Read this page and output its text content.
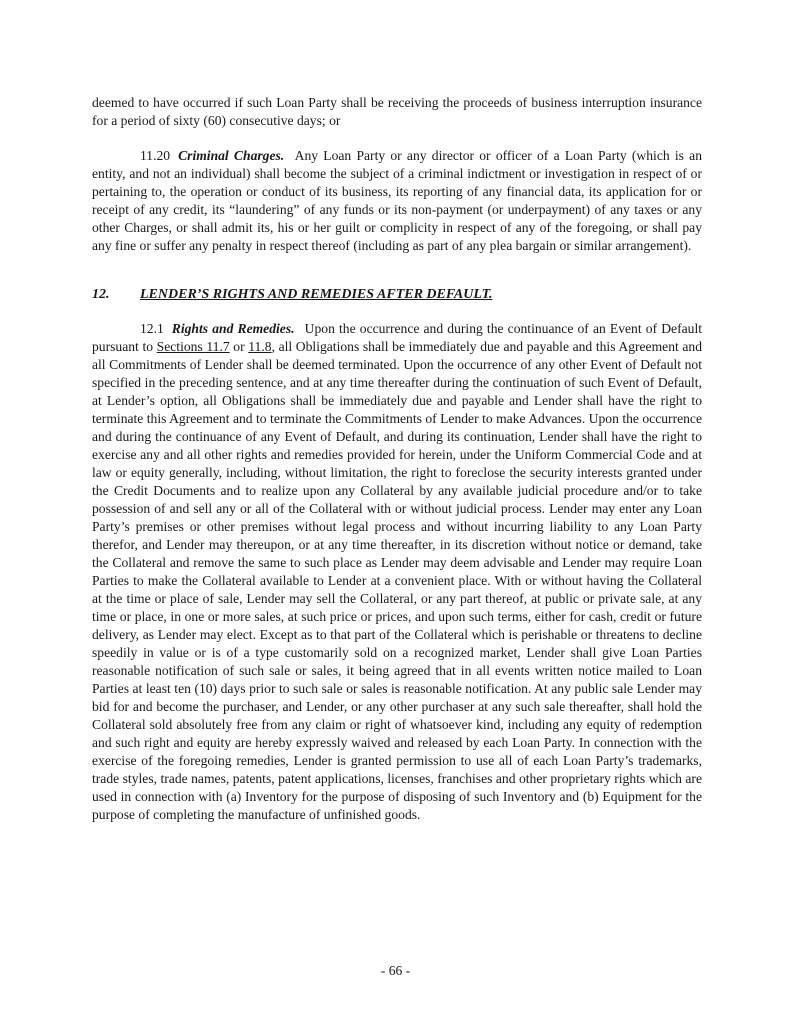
deemed to have occurred if such Loan Party shall be receiving the proceeds of business interruption insurance for a period of sixty (60) consecutive days; or

11.20 Criminal Charges. Any Loan Party or any director or officer of a Loan Party (which is an entity, and not an individual) shall become the subject of a criminal indictment or investigation in respect of or pertaining to, the operation or conduct of its business, its reporting of any financial data, its application for or receipt of any credit, its “laundering” of any funds or its non-payment (or underpayment) of any taxes or any other Charges, or shall admit its, his or her guilt or complicity in respect of any of the foregoing, or shall pay any fine or suffer any penalty in respect thereof (including as part of any plea bargain or similar arrangement).

12. LENDER’S RIGHTS AND REMEDIES AFTER DEFAULT.

12.1 Rights and Remedies. Upon the occurrence and during the continuance of an Event of Default pursuant to Sections 11.7 or 11.8, all Obligations shall be immediately due and payable and this Agreement and all Commitments of Lender shall be deemed terminated. Upon the occurrence of any other Event of Default not specified in the preceding sentence, and at any time thereafter during the continuation of such Event of Default, at Lender’s option, all Obligations shall be immediately due and payable and Lender shall have the right to terminate this Agreement and to terminate the Commitments of Lender to make Advances. Upon the occurrence and during the continuance of any Event of Default, and during its continuation, Lender shall have the right to exercise any and all other rights and remedies provided for herein, under the Uniform Commercial Code and at law or equity generally, including, without limitation, the right to foreclose the security interests granted under the Credit Documents and to realize upon any Collateral by any available judicial procedure and/or to take possession of and sell any or all of the Collateral with or without judicial process. Lender may enter any Loan Party’s premises or other premises without legal process and without incurring liability to any Loan Party therefor, and Lender may thereupon, or at any time thereafter, in its discretion without notice or demand, take the Collateral and remove the same to such place as Lender may deem advisable and Lender may require Loan Parties to make the Collateral available to Lender at a convenient place. With or without having the Collateral at the time or place of sale, Lender may sell the Collateral, or any part thereof, at public or private sale, at any time or place, in one or more sales, at such price or prices, and upon such terms, either for cash, credit or future delivery, as Lender may elect. Except as to that part of the Collateral which is perishable or threatens to decline speedily in value or is of a type customarily sold on a recognized market, Lender shall give Loan Parties reasonable notification of such sale or sales, it being agreed that in all events written notice mailed to Loan Parties at least ten (10) days prior to such sale or sales is reasonable notification. At any public sale Lender may bid for and become the purchaser, and Lender, or any other purchaser at any such sale thereafter, shall hold the Collateral sold absolutely free from any claim or right of whatsoever kind, including any equity of redemption and such right and equity are hereby expressly waived and released by each Loan Party. In connection with the exercise of the foregoing remedies, Lender is granted permission to use all of each Loan Party’s trademarks, trade styles, trade names, patents, patent applications, licenses, franchises and other proprietary rights which are used in connection with (a) Inventory for the purpose of disposing of such Inventory and (b) Equipment for the purpose of completing the manufacture of unfinished goods.

- 66 -
